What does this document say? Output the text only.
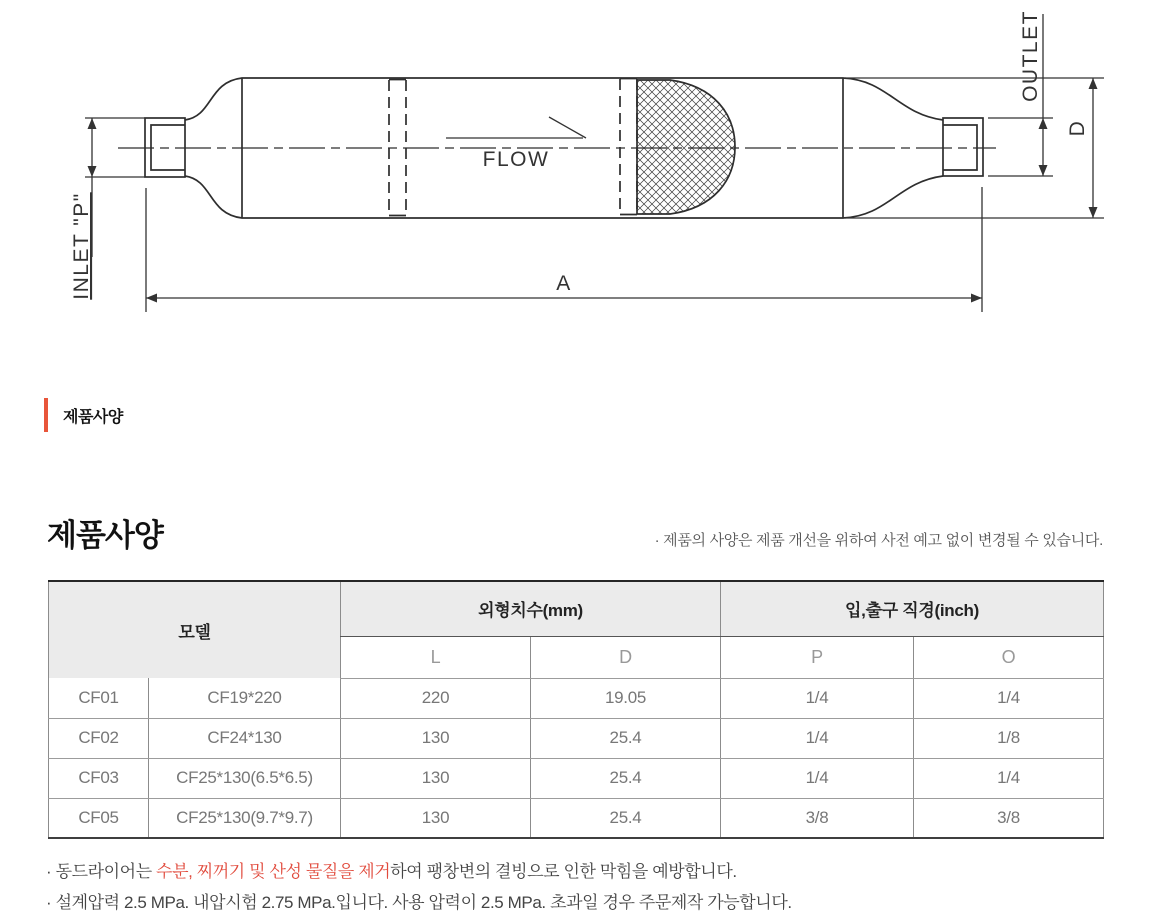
FLOW
A
INLET "P"
OUTLET
D
제품사양
제품사양	· 제품의 사양은 제품 개선을 위하여 사전 예고 없이 변경될 수 있습니다.
모델		외형치수(mm)		입,출구 직경(inch)	
		L	D	P	O
CF01	CF19*220	220	19.05	1/4	1/4
CF02	CF24*130	130	25.4	1/4	1/8
CF03	CF25*130(6.5*6.5)	130	25.4	1/4	1/4
CF05	CF25*130(9.7*9.7)	130	25.4	3/8	3/8
· 동드라이어는 수분, 찌꺼기 및 산성 물질을 제거하여 팽창변의 결빙으로 인한 막힘을 예방합니다.
· 설계압력 2.5 MPa. 내압시험 2.75 MPa.입니다. 사용 압력이 2.5 MPa. 초과일 경우 주문제작 가능합니다.
